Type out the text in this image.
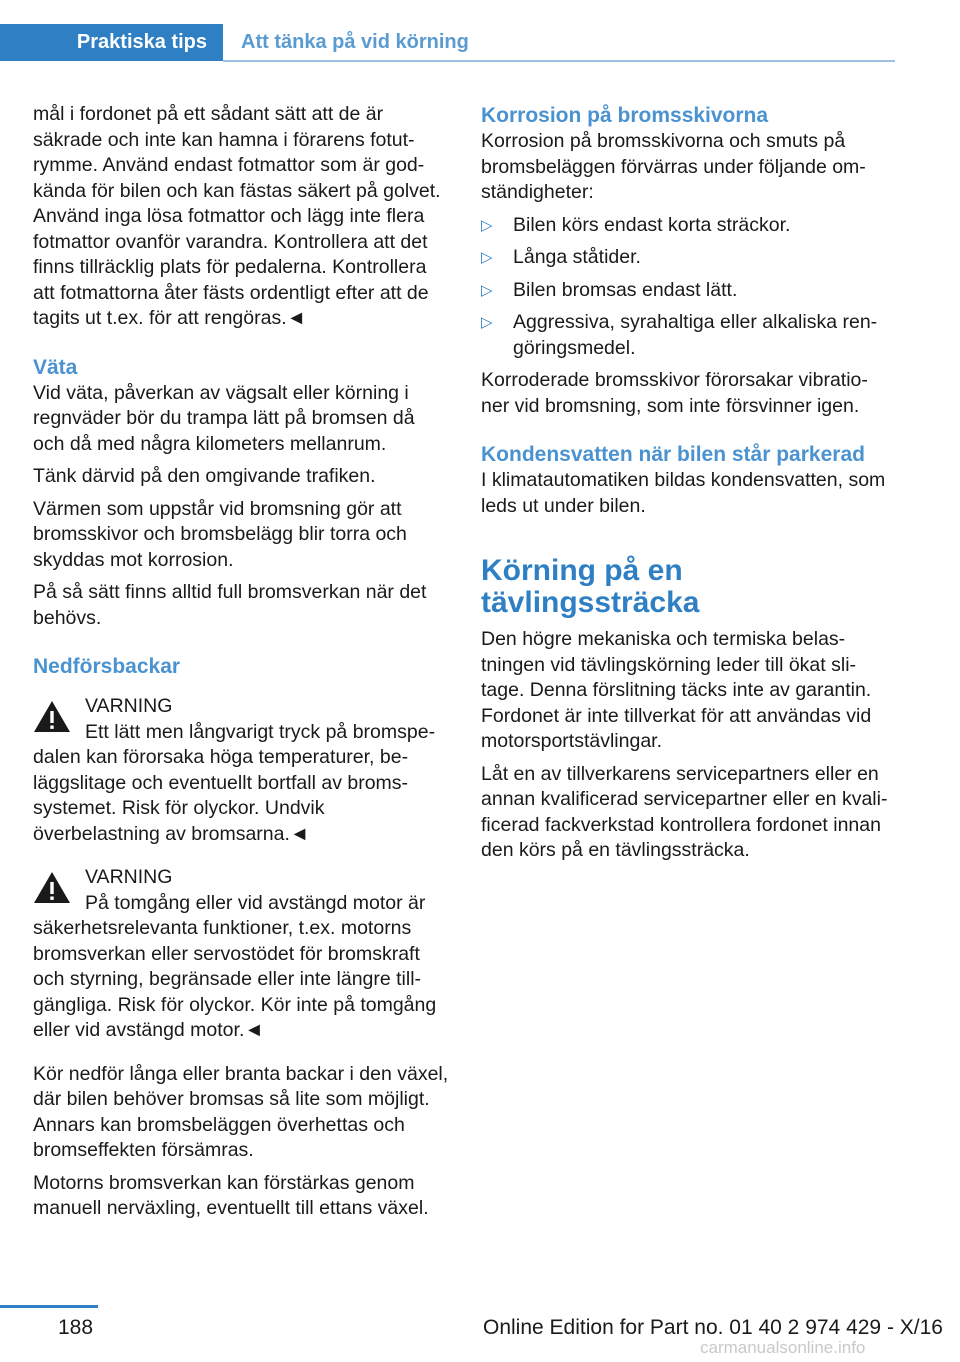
Praktiska tips	Att tänka på vid körning

mål i fordonet på ett sådant sätt att de är säkrade och inte kan hamna i förarens fotut‐ rymme. Använd endast fotmattor som är god‐ kända för bilen och kan fästas säkert på golvet. Använd inga lösa fotmattor och lägg inte flera fotmattor ovanför varandra. Kontrollera att det finns tillräcklig plats för pedalerna. Kontrollera att fotmattorna åter fästs ordentligt efter att de tagits ut t.ex. för att rengöras.◄

Väta

Vid väta, påverkan av vägsalt eller körning i regnväder bör du trampa lätt på bromsen då och då med några kilometers mellanrum.

Tänk därvid på den omgivande trafiken.

Värmen som uppstår vid bromsning gör att bromsskivor och bromsbelägg blir torra och skyddas mot korrosion.

På så sätt finns alltid full bromsverkan när det behövs.

Nedförsbackar
VARNING
Ett lätt men långvarigt tryck på bromspe‐
dalen kan förorsaka höga temperaturer, be‐ läggslitage och eventuellt bortfall av broms‐ systemet. Risk för olyckor. Undvik överbelastning av bromsarna.◄
VARNING
På tomgång eller vid avstängd motor är
säkerhetsrelevanta funktioner, t.ex. motorns bromsverkan eller servostödet för bromskraft och styrning, begränsade eller inte längre till‐ gängliga. Risk för olyckor. Kör inte på tomgång eller vid avstängd motor.◄

Kör nedför långa eller branta backar i den växel, där bilen behöver bromsas så lite som möjligt. Annars kan bromsbeläggen överhettas och bromseffekten försämras.

Motorns bromsverkan kan förstärkas genom manuell nerväxling, eventuellt till ettans växel.

Korrosion på bromsskivorna

Korrosion på bromsskivorna och smuts på bromsbeläggen förvärras under följande om‐ ständigheter:

▷ Bilen körs endast korta sträckor.
▷ Långa ståtider.
▷ Bilen bromsas endast lätt.
▷ Aggressiva, syrahaltiga eller alkaliska ren‐ göringsmedel.

Korroderade bromsskivor förorsakar vibratio‐ ner vid bromsning, som inte försvinner igen.

Kondensvatten när bilen står parkerad

I klimatautomatiken bildas kondensvatten, som leds ut under bilen.

Körning på en tävlingssträcka

Den högre mekaniska och termiska belas‐ tningen vid tävlingskörning leder till ökat sli‐ tage. Denna förslitning täcks inte av garantin. Fordonet är inte tillverkat för att användas vid motorsportstävlingar.

Låt en av tillverkarens servicepartners eller en annan kvalificerad servicepartner eller en kvali‐ ficerad fackverkstad kontrollera fordonet innan den körs på en tävlingssträcka.

188	Online Edition for Part no. 01 40 2 974 429 - X/16
carmanualsonline.info
